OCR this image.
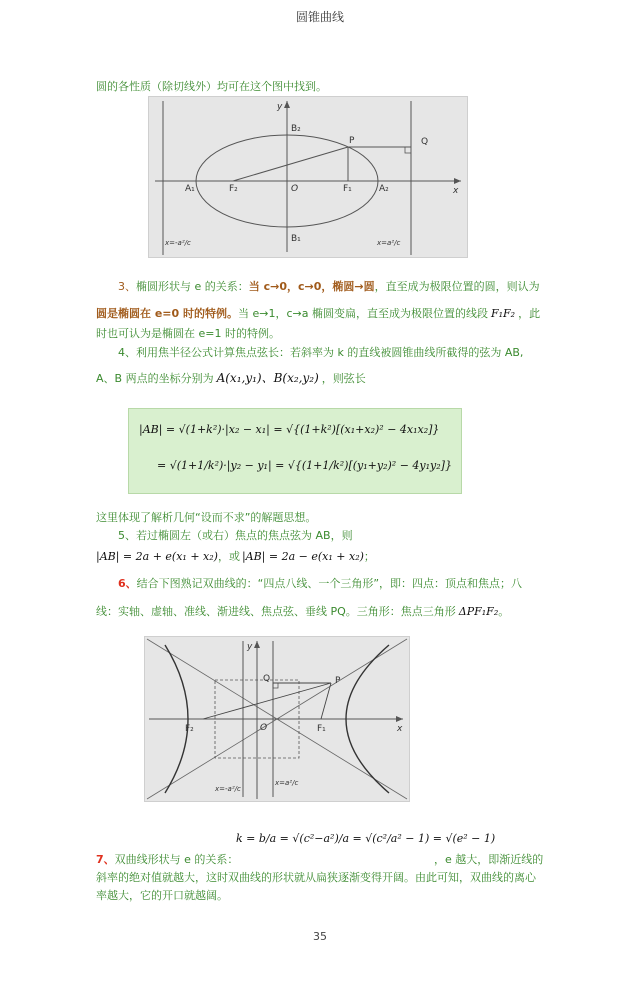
圆锥曲线
圆的各性质（除切线外）均可在这个图中找到。
y
x
B₂
B₁
P	Q
A₁	A₂
F₂	F₁
O
x=-a²/c	x=a²/c
3、椭圆形状与 e 的关系：当 c→0，c→0，椭圆→圆，直至成为极限位置的圆，则认为
圆是椭圆在 e=0 时的特例。当 e→1，c→a 椭圆变扁，直至成为极限位置的线段 F₁F₂ ，此
时也可认为是椭圆在 e=1 时的特例。
4、利用焦半径公式计算焦点弦长：若斜率为 k 的直线被圆锥曲线所截得的弦为 AB,
A、B 两点的坐标分别为 A(x₁,y₁)、B(x₂,y₂) ，则弦长
|AB| = √(1+k²)·|x₂ − x₁| = √{(1+k²)[(x₁+x₂)² − 4x₁x₂]}
= √(1+1/k²)·|y₂ − y₁| = √{(1+1/k²)[(y₁+y₂)² − 4y₁y₂]}
这里体现了解析几何“设而不求”的解题思想。
5、若过椭圆左（或右）焦点的焦点弦为 AB，则
|AB| = 2a + e(x₁ + x₂)，或 |AB| = 2a − e(x₁ + x₂)；
6、结合下图熟记双曲线的：“四点八线、一个三角形”，即：四点：顶点和焦点；八
线：实轴、虚轴、准线、渐进线、焦点弦、垂线 PQ。三角形：焦点三角形 ΔPF₁F₂。
y
x
Q	P
F₂	F₁
O
x=-a²/c
x=a²/c
k = b/a = √(c²−a²)/a = √(c²/a² − 1) = √(e² − 1)
7、双曲线形状与 e 的关系：	，e 越大，即渐近线的
斜率的绝对值就越大，这时双曲线的形状就从扁狭逐渐变得开阔。由此可知，双曲线的离心
率越大，它的开口就越阔。
35
